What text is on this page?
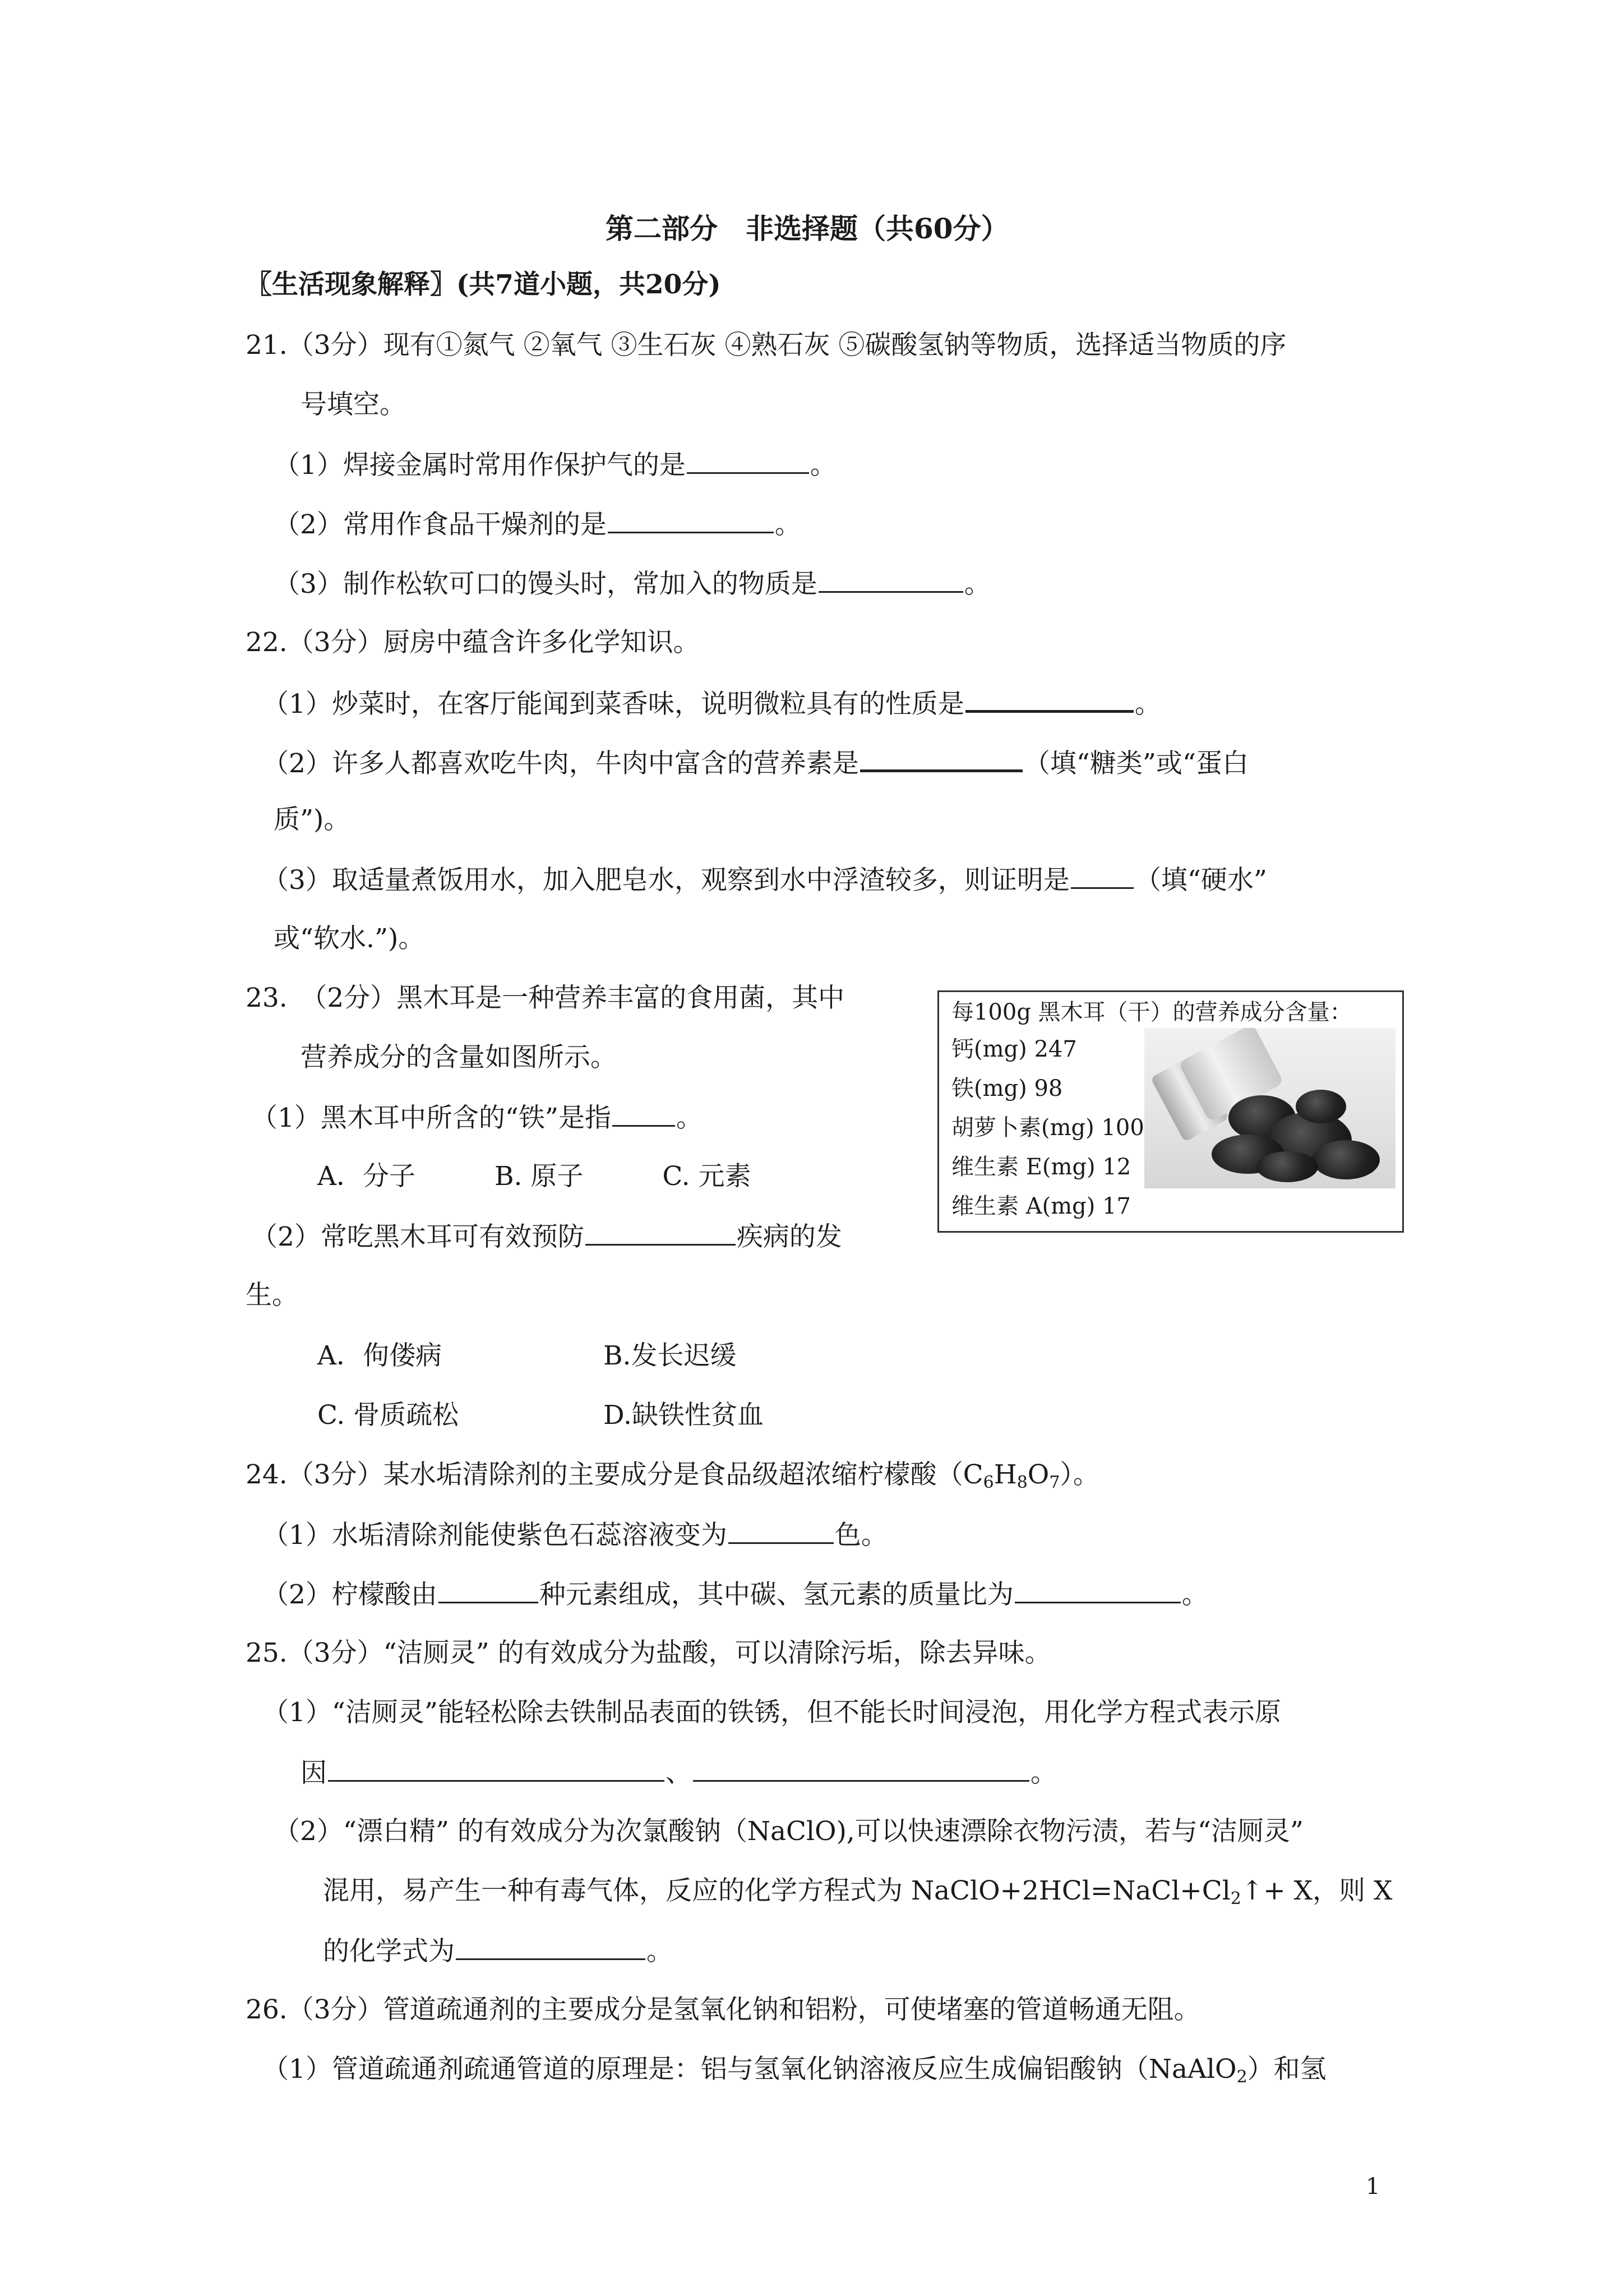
第二部分　非选择题（共60分）
〖生活现象解释〗(共7道小题，共20分)
21.（3分）现有①氮气 ②氧气 ③生石灰 ④熟石灰 ⑤碳酸氢钠等物质，选择适当物质的序
号填空。
（1）焊接金属时常用作保护气的是	。
（2）常用作食品干燥剂的是	。
（3）制作松软可口的馒头时，常加入的物质是	。
22.（3分）厨房中蕴含许多化学知识。
（1）炒菜时，在客厅能闻到菜香味，说明微粒具有的性质是	。
（2）许多人都喜欢吃牛肉，牛肉中富含的营养素是	（填“糖类”或“蛋白
质”)。
（3）取适量煮饭用水，加入肥皂水，观察到水中浮渣较多，则证明是 （填“硬水”
或“软水.”)。
23.　（2分）黑木耳是一种营养丰富的食用菌，其中
营养成分的含量如图所示。
（1）黑木耳中所含的“铁”是指 。
A．分子　　　B. 原子　　　C. 元素
（2）常吃黑木耳可有效预防	疾病的发
生。
A．佝偻病	B.发长迟缓
C. 骨质疏松	D.缺铁性贫血
每100g 黑木耳（干）的营养成分含量：
钙(mg) 247
铁(mg) 98
胡萝卜素(mg) 100
维生素 E(mg) 12
维生素 A(mg) 17
24.（3分）某水垢清除剂的主要成分是食品级超浓缩柠檬酸$(C_6H_8O_7)$。
（1）水垢清除剂能使紫色石蕊溶液变为	色。
（2）柠檬酸由	种元素组成，其中碳、氢元素的质量比为	。
25.（3分）“洁厕灵” 的有效成分为盐酸，可以清除污垢，除去异味。
（1）“洁厕灵”能轻松除去铁制品表面的铁锈，但不能长时间浸泡，用化学方程式表示原
因	、	。
（2）“漂白精” 的有效成分为次氯酸钠（NaClO),可以快速漂除衣物污渍，若与“洁厕灵”
混用，易产生一种有毒气体，反应的化学方程式为 $NaClO+2HCl=NaCl+Cl_2↑+ X$，则 X
的化学式为	。
26.（3分）管道疏通剂的主要成分是氢氧化钠和铝粉，可使堵塞的管道畅通无阻。
（1）管道疏通剂疏通管道的原理是：铝与氢氧化钠溶液反应生成偏铝酸钠（NaAlO$_2$）和氢
1
